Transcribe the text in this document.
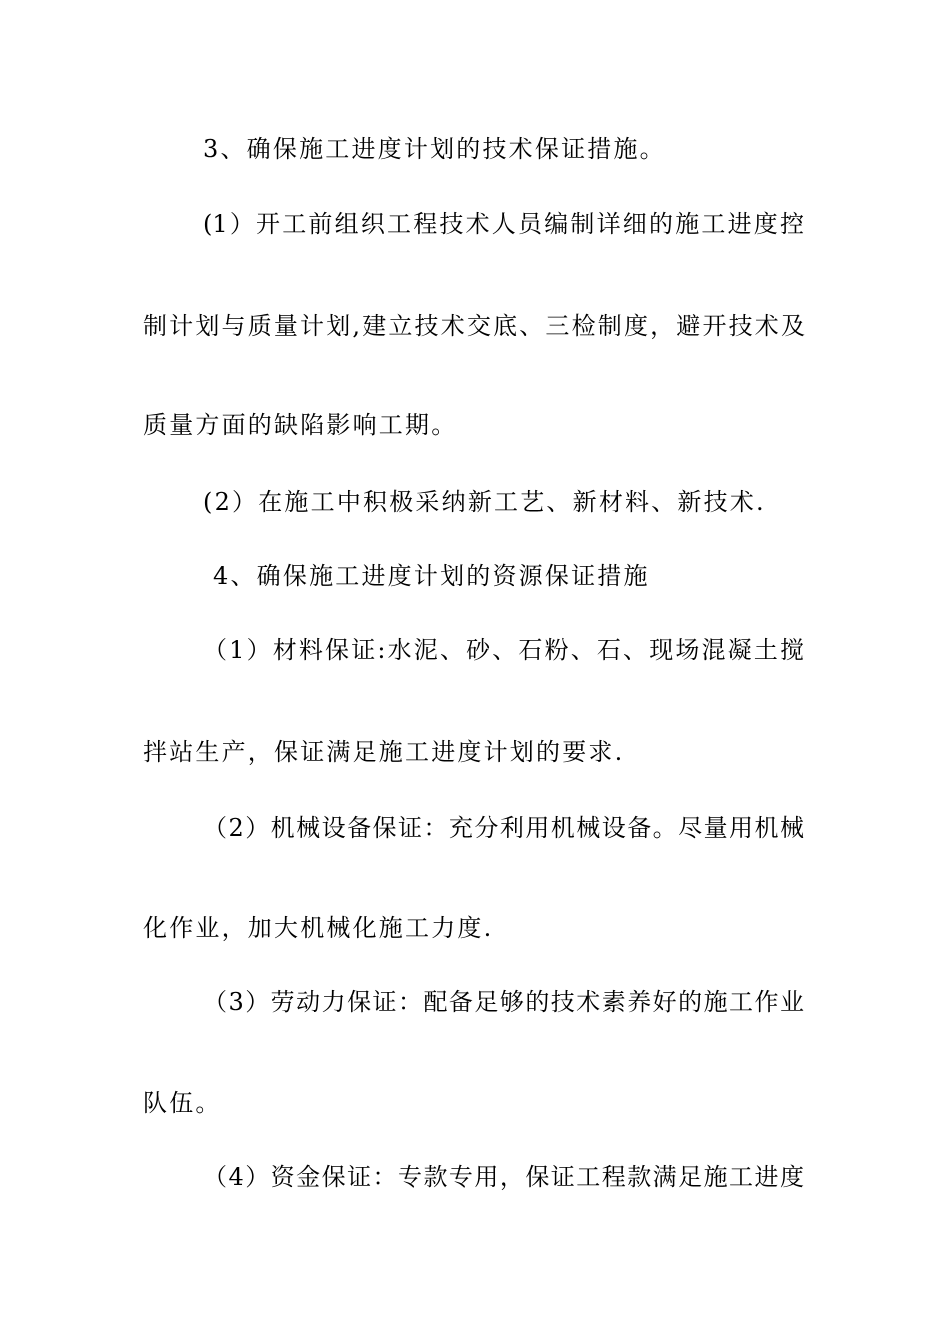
3、确保施工进度计划的技术保证措施。

(1）开工前组织工程技术人员编制详细的施工进度控

制计划与质量计划,建立技术交底、三检制度，避开技术及

质量方面的缺陷影响工期。

(2）在施工中积极采纳新工艺、新材料、新技术.

4、确保施工进度计划的资源保证措施

（1）材料保证:水泥、砂、石粉、石、现场混凝土搅

拌站生产，保证满足施工进度计划的要求.

（2）机械设备保证：充分利用机械设备。尽量用机械

化作业，加大机械化施工力度.

（3）劳动力保证：配备足够的技术素养好的施工作业

队伍。

（4）资金保证：专款专用，保证工程款满足施工进度
